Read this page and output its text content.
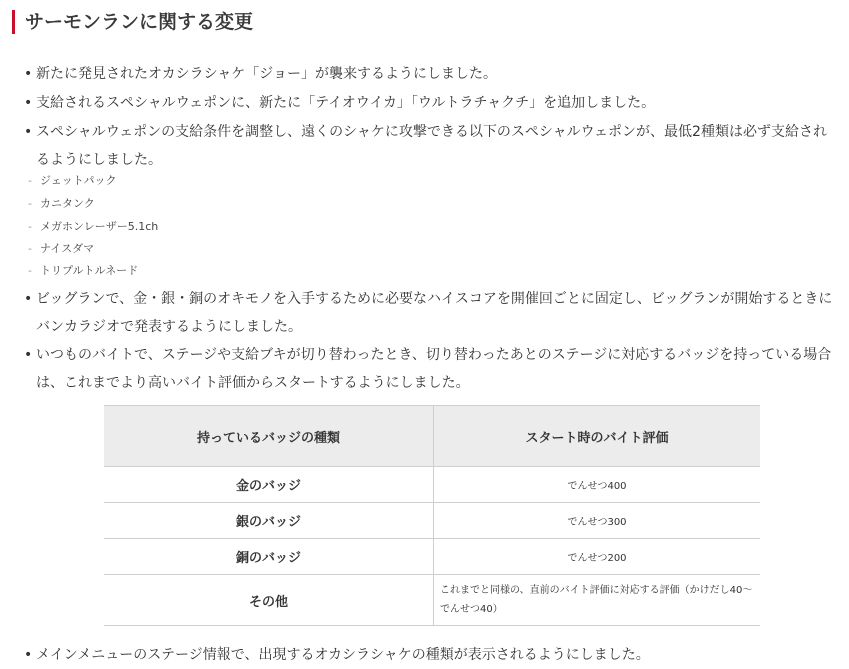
サーモンランに関する変更
• 新たに発見されたオカシラシャケ「ジョー」が襲来するようにしました。
• 支給されるスペシャルウェポンに、新たに「テイオウイカ」「ウルトラチャクチ」を追加しました。
• スペシャルウェポンの支給条件を調整し、遠くのシャケに攻撃できる以下のスペシャルウェポンが、最低2種類は必ず支給されるようにしました。
- ジェットパック
- カニタンク
- メガホンレーザー5.1ch
- ナイスダマ
- トリプルトルネード
• ビッグランで、金・銀・銅のオキモノを入手するために必要なハイスコアを開催回ごとに固定し、ビッグランが開始するときにバンカラジオで発表するようにしました。
• いつものバイトで、ステージや支給ブキが切り替わったとき、切り替わったあとのステージに対応するバッジを持っている場合は、これまでより高いバイト評価からスタートするようにしました。
持っているバッジの種類	スタート時のバイト評価
金のバッジ	でんせつ400
銀のバッジ	でんせつ300
銅のバッジ	でんせつ200
その他	これまでと同様の、直前のバイト評価に対応する評価（かけだし40〜でんせつ40）
• メインメニューのステージ情報で、出現するオカシラシャケの種類が表示されるようにしました。
